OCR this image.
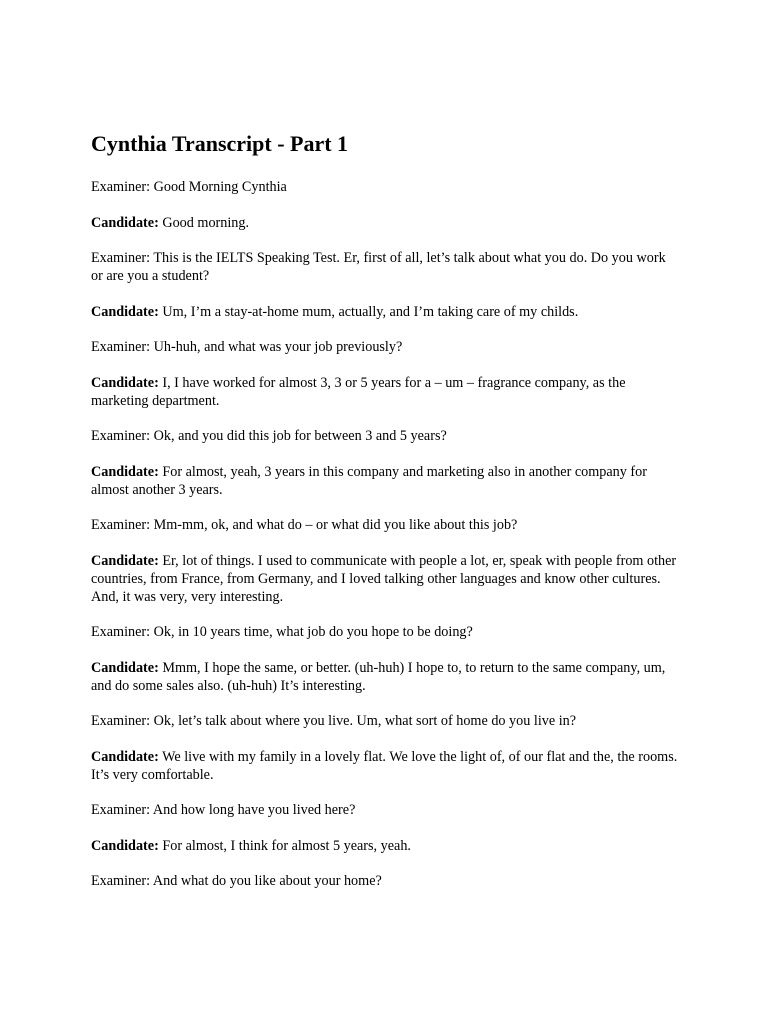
Cynthia Transcript - Part 1

Examiner: Good Morning Cynthia

Candidate: Good morning.

Examiner: This is the IELTS Speaking Test. Er, first of all, let’s talk about what you do. Do you work or are you a student?

Candidate: Um, I’m a stay-at-home mum, actually, and I’m taking care of my childs.

Examiner: Uh-huh, and what was your job previously?

Candidate: I, I have worked for almost 3, 3 or 5 years for a – um – fragrance company, as the marketing department.

Examiner: Ok, and you did this job for between 3 and 5 years?

Candidate: For almost, yeah, 3 years in this company and marketing also in another company for almost another 3 years.

Examiner: Mm-mm, ok, and what do – or what did you like about this job?

Candidate: Er, lot of things. I used to communicate with people a lot, er, speak with people from other countries, from France, from Germany, and I loved talking other languages and know other cultures. And, it was very, very interesting.

Examiner: Ok, in 10 years time, what job do you hope to be doing?

Candidate: Mmm, I hope the same, or better. (uh-huh) I hope to, to return to the same company, um, and do some sales also. (uh-huh) It’s interesting.

Examiner: Ok, let’s talk about where you live. Um, what sort of home do you live in?

Candidate: We live with my family in a lovely flat. We love the light of, of our flat and the, the rooms. It’s very comfortable.

Examiner: And how long have you lived here?

Candidate: For almost, I think for almost 5 years, yeah.

Examiner: And what do you like about your home?
